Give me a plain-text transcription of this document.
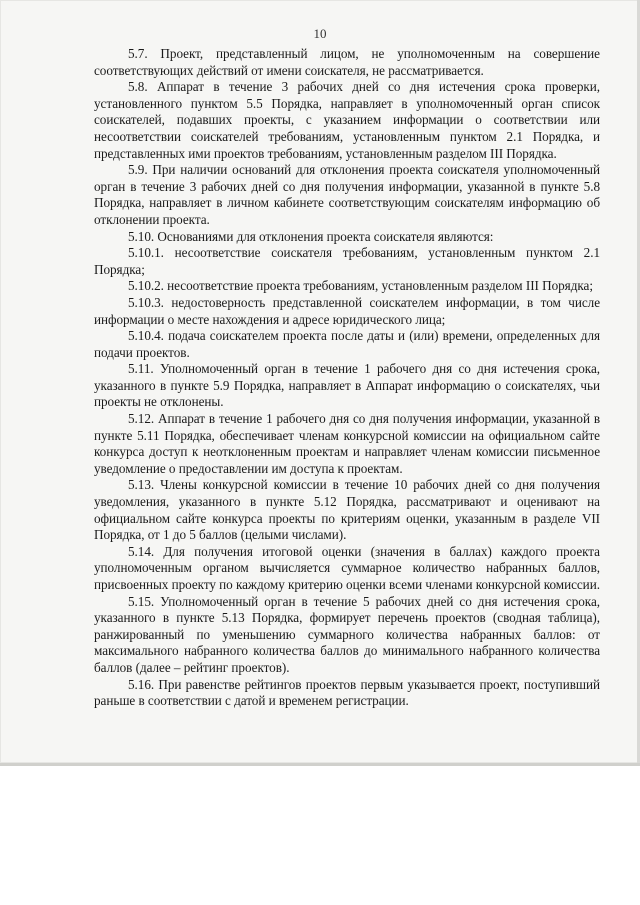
10

5.7. Проект, представленный лицом, не уполномоченным на совершение соответствующих действий от имени соискателя, не рассматривается.

5.8. Аппарат в течение 3 рабочих дней со дня истечения срока проверки, установленного пунктом 5.5 Порядка, направляет в уполномоченный орган список соискателей, подавших проекты, с указанием информации о соответствии или несоответствии соискателей требованиям, установленным пунктом 2.1 Порядка, и представленных ими проектов требованиям, установленным разделом III Порядка.

5.9. При наличии оснований для отклонения проекта соискателя уполномоченный орган в течение 3 рабочих дней со дня получения информации, указанной в пункте 5.8 Порядка, направляет в личном кабинете соответствующим соискателям информацию об отклонении проекта.

5.10. Основаниями для отклонения проекта соискателя являются:

5.10.1. несоответствие соискателя требованиям, установленным пунктом 2.1 Порядка;

5.10.2. несоответствие проекта требованиям, установленным разделом III Порядка;

5.10.3. недостоверность представленной соискателем информации, в том числе информации о месте нахождения и адресе юридического лица;

5.10.4. подача соискателем проекта после даты и (или) времени, определенных для подачи проектов.

5.11. Уполномоченный орган в течение 1 рабочего дня со дня истечения срока, указанного в пункте 5.9 Порядка, направляет в Аппарат информацию о соискателях, чьи проекты не отклонены.

5.12. Аппарат в течение 1 рабочего дня со дня получения информации, указанной в пункте 5.11 Порядка, обеспечивает членам конкурсной комиссии на официальном сайте конкурса доступ к неотклоненным проектам и направляет членам комиссии письменное уведомление о предоставлении им доступа к проектам.

5.13. Члены конкурсной комиссии в течение 10 рабочих дней со дня получения уведомления, указанного в пункте 5.12 Порядка, рассматривают и оценивают на официальном сайте конкурса проекты по критериям оценки, указанным в разделе VII Порядка, от 1 до 5 баллов (целыми числами).

5.14. Для получения итоговой оценки (значения в баллах) каждого проекта уполномоченным органом вычисляется суммарное количество набранных баллов, присвоенных проекту по каждому критерию оценки всеми членами конкурсной комиссии.

5.15. Уполномоченный орган в течение 5 рабочих дней со дня истечения срока, указанного в пункте 5.13 Порядка, формирует перечень проектов (сводная таблица), ранжированный по уменьшению суммарного количества набранных баллов: от максимального набранного количества баллов до минимального набранного количества баллов (далее – рейтинг проектов).

5.16. При равенстве рейтингов проектов первым указывается проект, поступивший раньше в соответствии с датой и временем регистрации.
